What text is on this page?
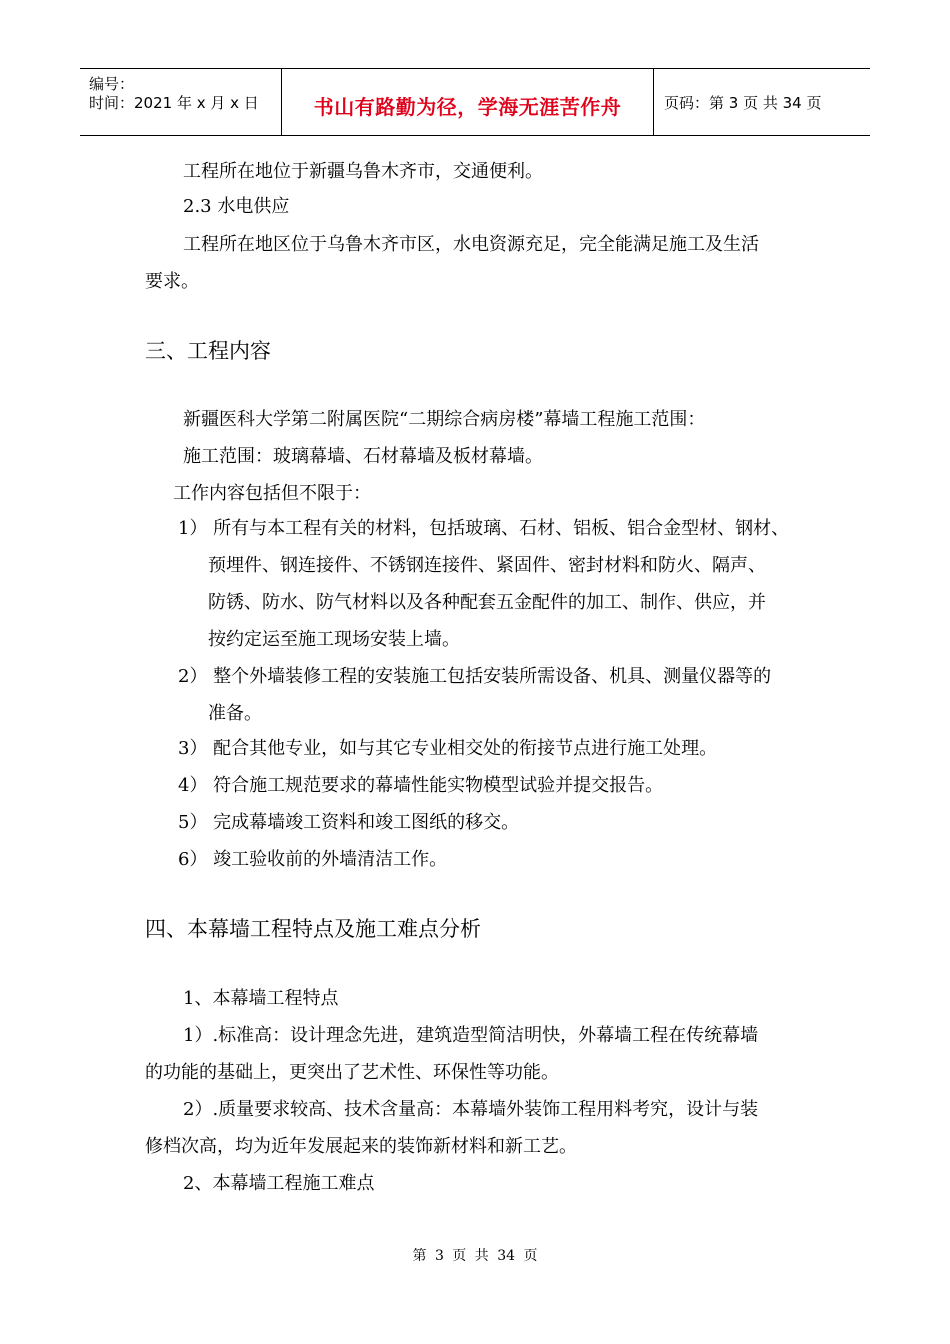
编号：
时间：2021 年 x 月 x 日	书山有路勤为径，学海无涯苦作舟	页码：第 3 页 共 34 页
工程所在地位于新疆乌鲁木齐市，交通便利。
2.3 水电供应
工程所在地区位于乌鲁木齐市区，水电资源充足，完全能满足施工及生活
要求。
三、工程内容
新疆医科大学第二附属医院“二期综合病房楼”幕墙工程施工范围：
施工范围：玻璃幕墙、石材幕墙及板材幕墙。
工作内容包括但不限于：
1） 所有与本工程有关的材料，包括玻璃、石材、铝板、铝合金型材、钢材、
预埋件、钢连接件、不锈钢连接件、紧固件、密封材料和防火、隔声、
防锈、防水、防气材料以及各种配套五金配件的加工、制作、供应，并
按约定运至施工现场安装上墙。
2） 整个外墙装修工程的安装施工包括安装所需设备、机具、测量仪器等的
准备。
3） 配合其他专业，如与其它专业相交处的衔接节点进行施工处理。
4） 符合施工规范要求的幕墙性能实物模型试验并提交报告。
5） 完成幕墙竣工资料和竣工图纸的移交。
6） 竣工验收前的外墙清洁工作。
四、本幕墙工程特点及施工难点分析
1、本幕墙工程特点
1）.标准高：设计理念先进，建筑造型简洁明快，外幕墙工程在传统幕墙
的功能的基础上，更突出了艺术性、环保性等功能。
2）.质量要求较高、技术含量高：本幕墙外装饰工程用料考究，设计与装
修档次高，均为近年发展起来的装饰新材料和新工艺。
2、本幕墙工程施工难点
第 3 页 共 34 页
